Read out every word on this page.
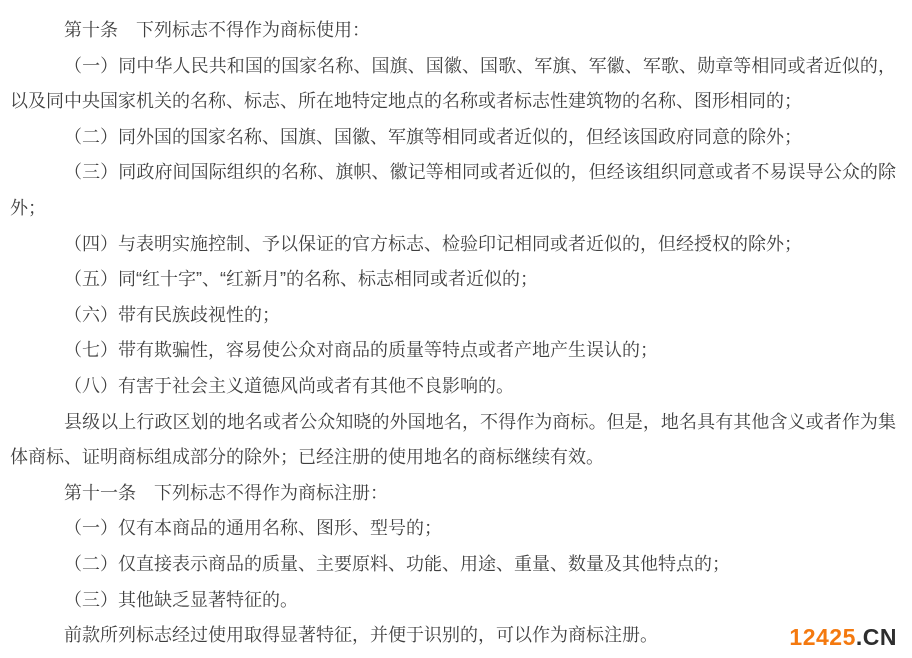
第十条　下列标志不得作为商标使用：

（一）同中华人民共和国的国家名称、国旗、国徽、国歌、军旗、军徽、军歌、勋章等相同或者近似的，以及同中央国家机关的名称、标志、所在地特定地点的名称或者标志性建筑物的名称、图形相同的；

（二）同外国的国家名称、国旗、国徽、军旗等相同或者近似的，但经该国政府同意的除外；

（三）同政府间国际组织的名称、旗帜、徽记等相同或者近似的，但经该组织同意或者不易误导公众的除外；

（四）与表明实施控制、予以保证的官方标志、检验印记相同或者近似的，但经授权的除外；

（五）同“红十字”、“红新月”的名称、标志相同或者近似的；

（六）带有民族歧视性的；

（七）带有欺骗性，容易使公众对商品的质量等特点或者产地产生误认的；

（八）有害于社会主义道德风尚或者有其他不良影响的。

县级以上行政区划的地名或者公众知晓的外国地名，不得作为商标。但是，地名具有其他含义或者作为集体商标、证明商标组成部分的除外；已经注册的使用地名的商标继续有效。

第十一条　下列标志不得作为商标注册：

（一）仅有本商品的通用名称、图形、型号的；

（二）仅直接表示商品的质量、主要原料、功能、用途、重量、数量及其他特点的；

（三）其他缺乏显著特征的。

前款所列标志经过使用取得显著特征，并便于识别的，可以作为商标注册。	12425.CN
